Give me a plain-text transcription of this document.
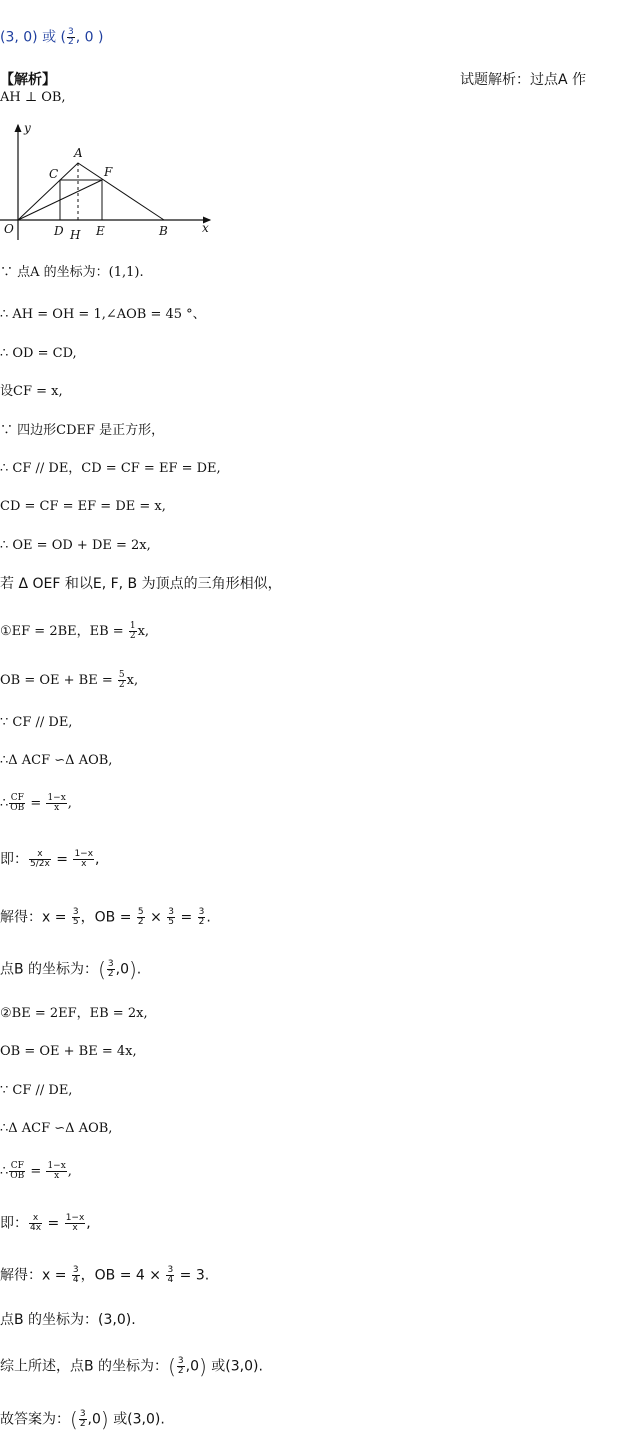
(3, 0) 或 ( $\frac{3}{2}$ , 0 )
【解析】	试题解析：过点A 作
AH ⊥ OB,
y
x
O
A
C	F
D H E	B
∵ 点A 的坐标为：(1,1).
∴ AH = OH = 1,∠AOB = 45 °、
∴ OD = CD,
设CF = x,
∵ 四边形CDEF 是正方形，
∴ CF // DE，CD = CF = EF = DE,
CD = CF = EF = DE = x,
∴ OE = OD + DE = 2x,
若 Δ OEF 和以E, F, B 为顶点的三角形相似，
①EF = 2BE，EB = $\frac{1}{2} x$,
OB = OE + BE = $\frac{5}{2} x$,
∵ CF // DE,
∴Δ ACF ∽Δ AOB,
∴ $\frac{CF}{OB} = \frac{1-x}{x}$ ,
即： $\frac{x}{5/2x} = \frac{1-x}{x}$ ,
解得：$x = \frac{3}{5}$ ，OB = $\frac{5}{2} \times \frac{3}{5} = \frac{3}{2}$ .
点B 的坐标为：( $\frac{3}{2} ,0$).
②BE = 2EF，EB = 2x,
OB = OE + BE = 4x,
∵ CF // DE,
∴Δ ACF ∽Δ AOB,
∴ $\frac{CF}{OB} = \frac{1-x}{x}$ ,
即： $\frac{x}{4x} = \frac{1-x}{x}$ ,
解得：$x = \frac{3}{4}$ ，OB = $4 \times \frac{3}{4} = 3$.
点B 的坐标为：(3,0).
综上所述，点B 的坐标为：( $\frac{3}{2} ,0$) 或(3,0).
故答案为：( $\frac{3}{2} ,0$) 或(3,0).
